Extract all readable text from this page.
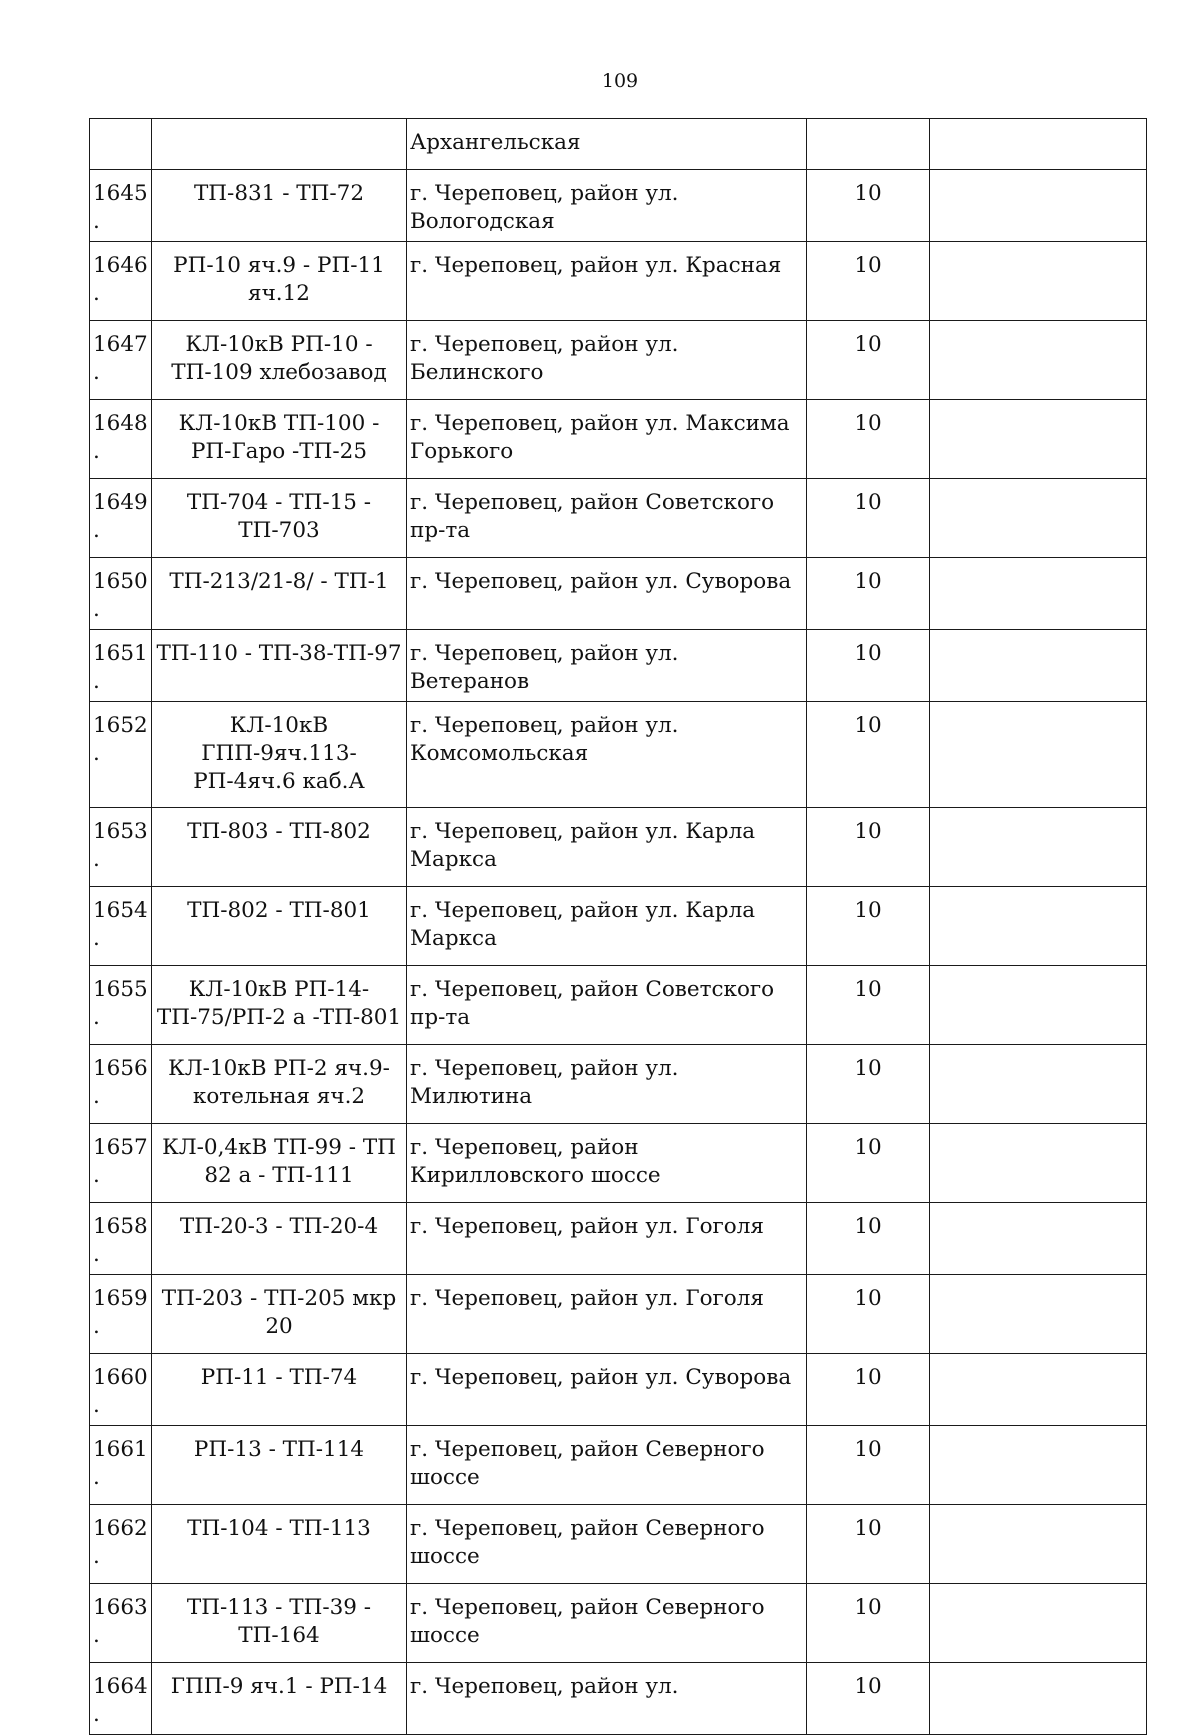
109
		Архангельская		
1645.	ТП-831 - ТП-72	г. Череповец, район ул. Вологодская	10	
1646.	РП-10 яч.9 - РП-11 яч.12	г. Череповец, район ул. Красная	10	
1647.	КЛ-10кВ РП-10 - ТП-109 хлебозавод	г. Череповец, район ул. Белинского	10	
1648.	КЛ-10кВ ТП-100 - РП-Гаро -ТП-25	г. Череповец, район ул. Максима Горького	10	
1649.	ТП-704 - ТП-15 - ТП-703	г. Череповец, район Советского пр-та	10	
1650.	ТП-213/21-8/ - ТП-1	г. Череповец, район ул. Суворова	10	
1651.	ТП-110 - ТП-38-ТП-97	г. Череповец, район ул. Ветеранов	10	
1652.	КЛ-10кВ ГПП-9яч.113-РП-4яч.6 каб.А	г. Череповец, район ул. Комсомольская	10	
1653.	ТП-803 - ТП-802	г. Череповец, район ул. Карла Маркса	10	
1654.	ТП-802 - ТП-801	г. Череповец, район ул. Карла Маркса	10	
1655.	КЛ-10кВ РП-14-ТП-75/РП-2 а -ТП-801	г. Череповец, район Советского пр-та	10	
1656.	КЛ-10кВ РП-2 яч.9-котельная яч.2	г. Череповец, район ул. Милютина	10	
1657.	КЛ-0,4кВ ТП-99 - ТП 82 а - ТП-111	г. Череповец, район Кирилловского шоссе	10	
1658.	ТП-20-3 - ТП-20-4	г. Череповец, район ул. Гоголя	10	
1659.	ТП-203 - ТП-205 мкр 20	г. Череповец, район ул. Гоголя	10	
1660.	РП-11 - ТП-74	г. Череповец, район ул. Суворова	10	
1661.	РП-13 - ТП-114	г. Череповец, район Северного шоссе	10	
1662.	ТП-104 - ТП-113	г. Череповец, район Северного шоссе	10	
1663.	ТП-113 - ТП-39 - ТП-164	г. Череповец, район Северного шоссе	10	
1664.	ГПП-9 яч.1 - РП-14	г. Череповец, район ул.	10	
